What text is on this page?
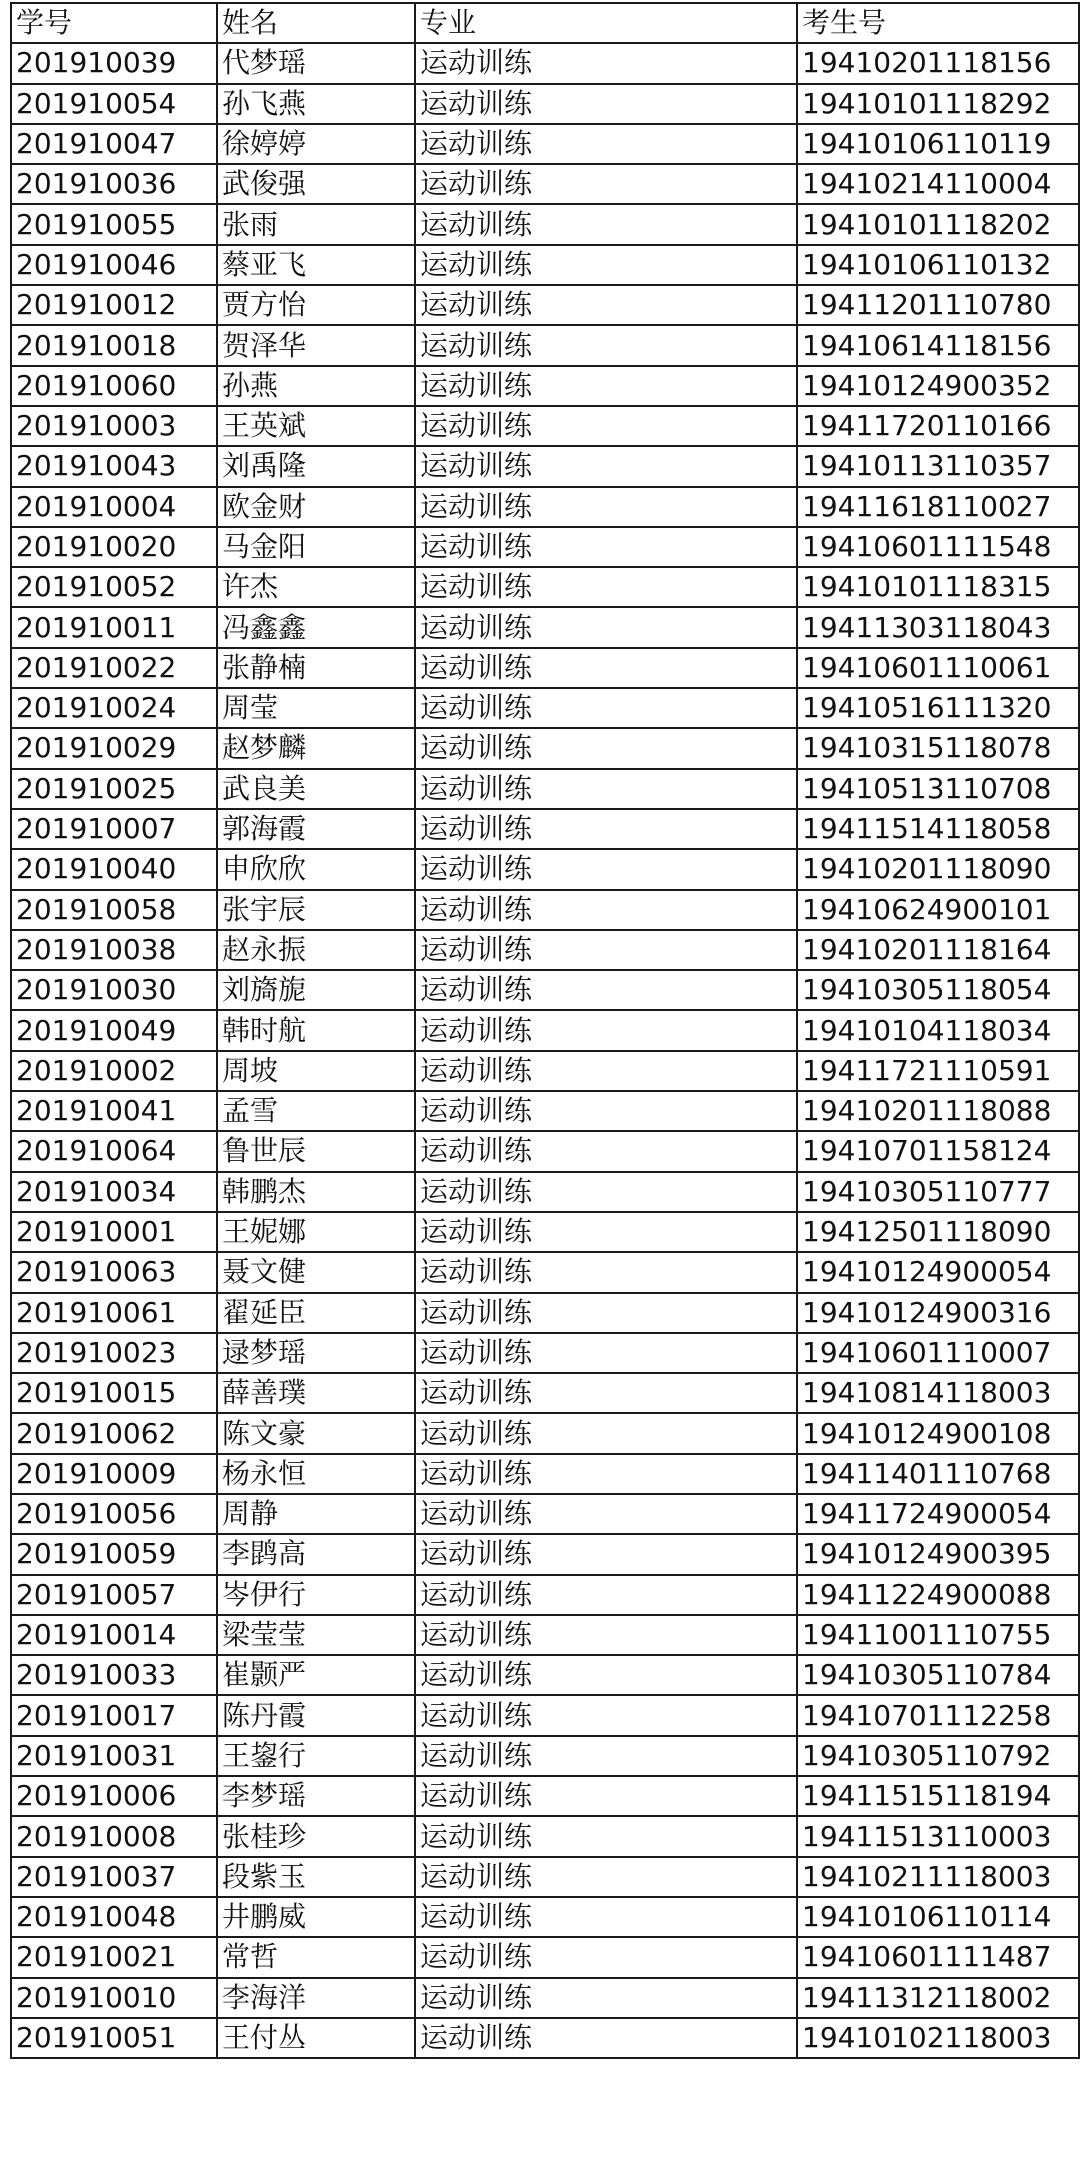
学号	姓名	专业	考生号
201910039	代梦瑶	运动训练	19410201118156
201910054	孙飞燕	运动训练	19410101118292
201910047	徐婷婷	运动训练	19410106110119
201910036	武俊强	运动训练	19410214110004
201910055	张雨	运动训练	19410101118202
201910046	蔡亚飞	运动训练	19410106110132
201910012	贾方怡	运动训练	19411201110780
201910018	贺泽华	运动训练	19410614118156
201910060	孙燕	运动训练	19410124900352
201910003	王英斌	运动训练	19411720110166
201910043	刘禹隆	运动训练	19410113110357
201910004	欧金财	运动训练	19411618110027
201910020	马金阳	运动训练	19410601111548
201910052	许杰	运动训练	19410101118315
201910011	冯鑫鑫	运动训练	19411303118043
201910022	张静楠	运动训练	19410601110061
201910024	周莹	运动训练	19410516111320
201910029	赵梦麟	运动训练	19410315118078
201910025	武良美	运动训练	19410513110708
201910007	郭海霞	运动训练	19411514118058
201910040	申欣欣	运动训练	19410201118090
201910058	张宇辰	运动训练	19410624900101
201910038	赵永振	运动训练	19410201118164
201910030	刘旖旎	运动训练	19410305118054
201910049	韩时航	运动训练	19410104118034
201910002	周坡	运动训练	19411721110591
201910041	孟雪	运动训练	19410201118088
201910064	鲁世辰	运动训练	19410701158124
201910034	韩鹏杰	运动训练	19410305110777
201910001	王妮娜	运动训练	19412501118090
201910063	聂文健	运动训练	19410124900054
201910061	翟延臣	运动训练	19410124900316
201910023	逯梦瑶	运动训练	19410601110007
201910015	薛善璞	运动训练	19410814118003
201910062	陈文豪	运动训练	19410124900108
201910009	杨永恒	运动训练	19411401110768
201910056	周静	运动训练	19411724900054
201910059	李鹍高	运动训练	19410124900395
201910057	岑伊行	运动训练	19411224900088
201910014	梁莹莹	运动训练	19411001110755
201910033	崔颢严	运动训练	19410305110784
201910017	陈丹霞	运动训练	19410701112258
201910031	王鋆行	运动训练	19410305110792
201910006	李梦瑶	运动训练	19411515118194
201910008	张桂珍	运动训练	19411513110003
201910037	段紫玉	运动训练	19410211118003
201910048	井鹏威	运动训练	19410106110114
201910021	常哲	运动训练	19410601111487
201910010	李海洋	运动训练	19411312118002
201910051	王付丛	运动训练	19410102118003
